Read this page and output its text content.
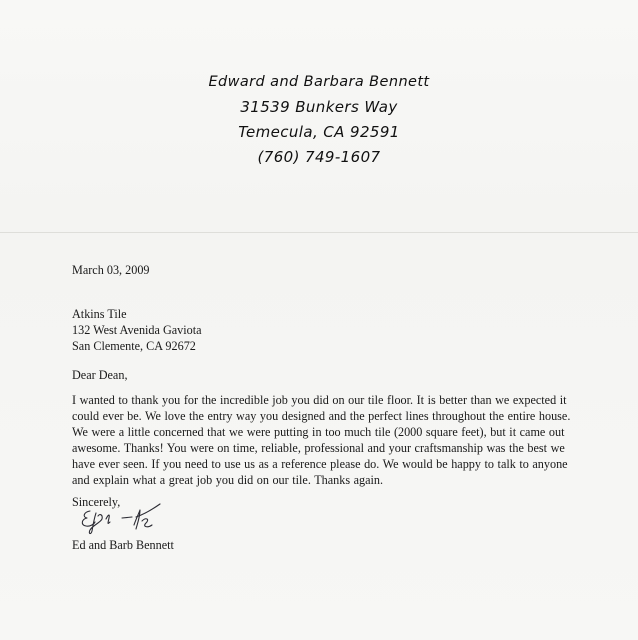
Edward and Barbara Bennett
31539 Bunkers Way
Temecula, CA 92591
(760) 749-1607
March 03, 2009
Atkins Tile
132 West Avenida Gaviota
San Clemente, CA 92672
Dear Dean,
I wanted to thank you for the incredible job you did on our tile floor. It is better than we expected it could ever be. We love the entry way you designed and the perfect lines throughout the entire house. We were a little concerned that we were putting in too much tile (2000 square feet), but it came out awesome. Thanks! You were on time, reliable, professional and your craftsmanship was the best we have ever seen. If you need to use us as a reference please do. We would be happy to talk to anyone and explain what a great job you did on our tile. Thanks again.
Sincerely,
Ed and Barb Bennett
